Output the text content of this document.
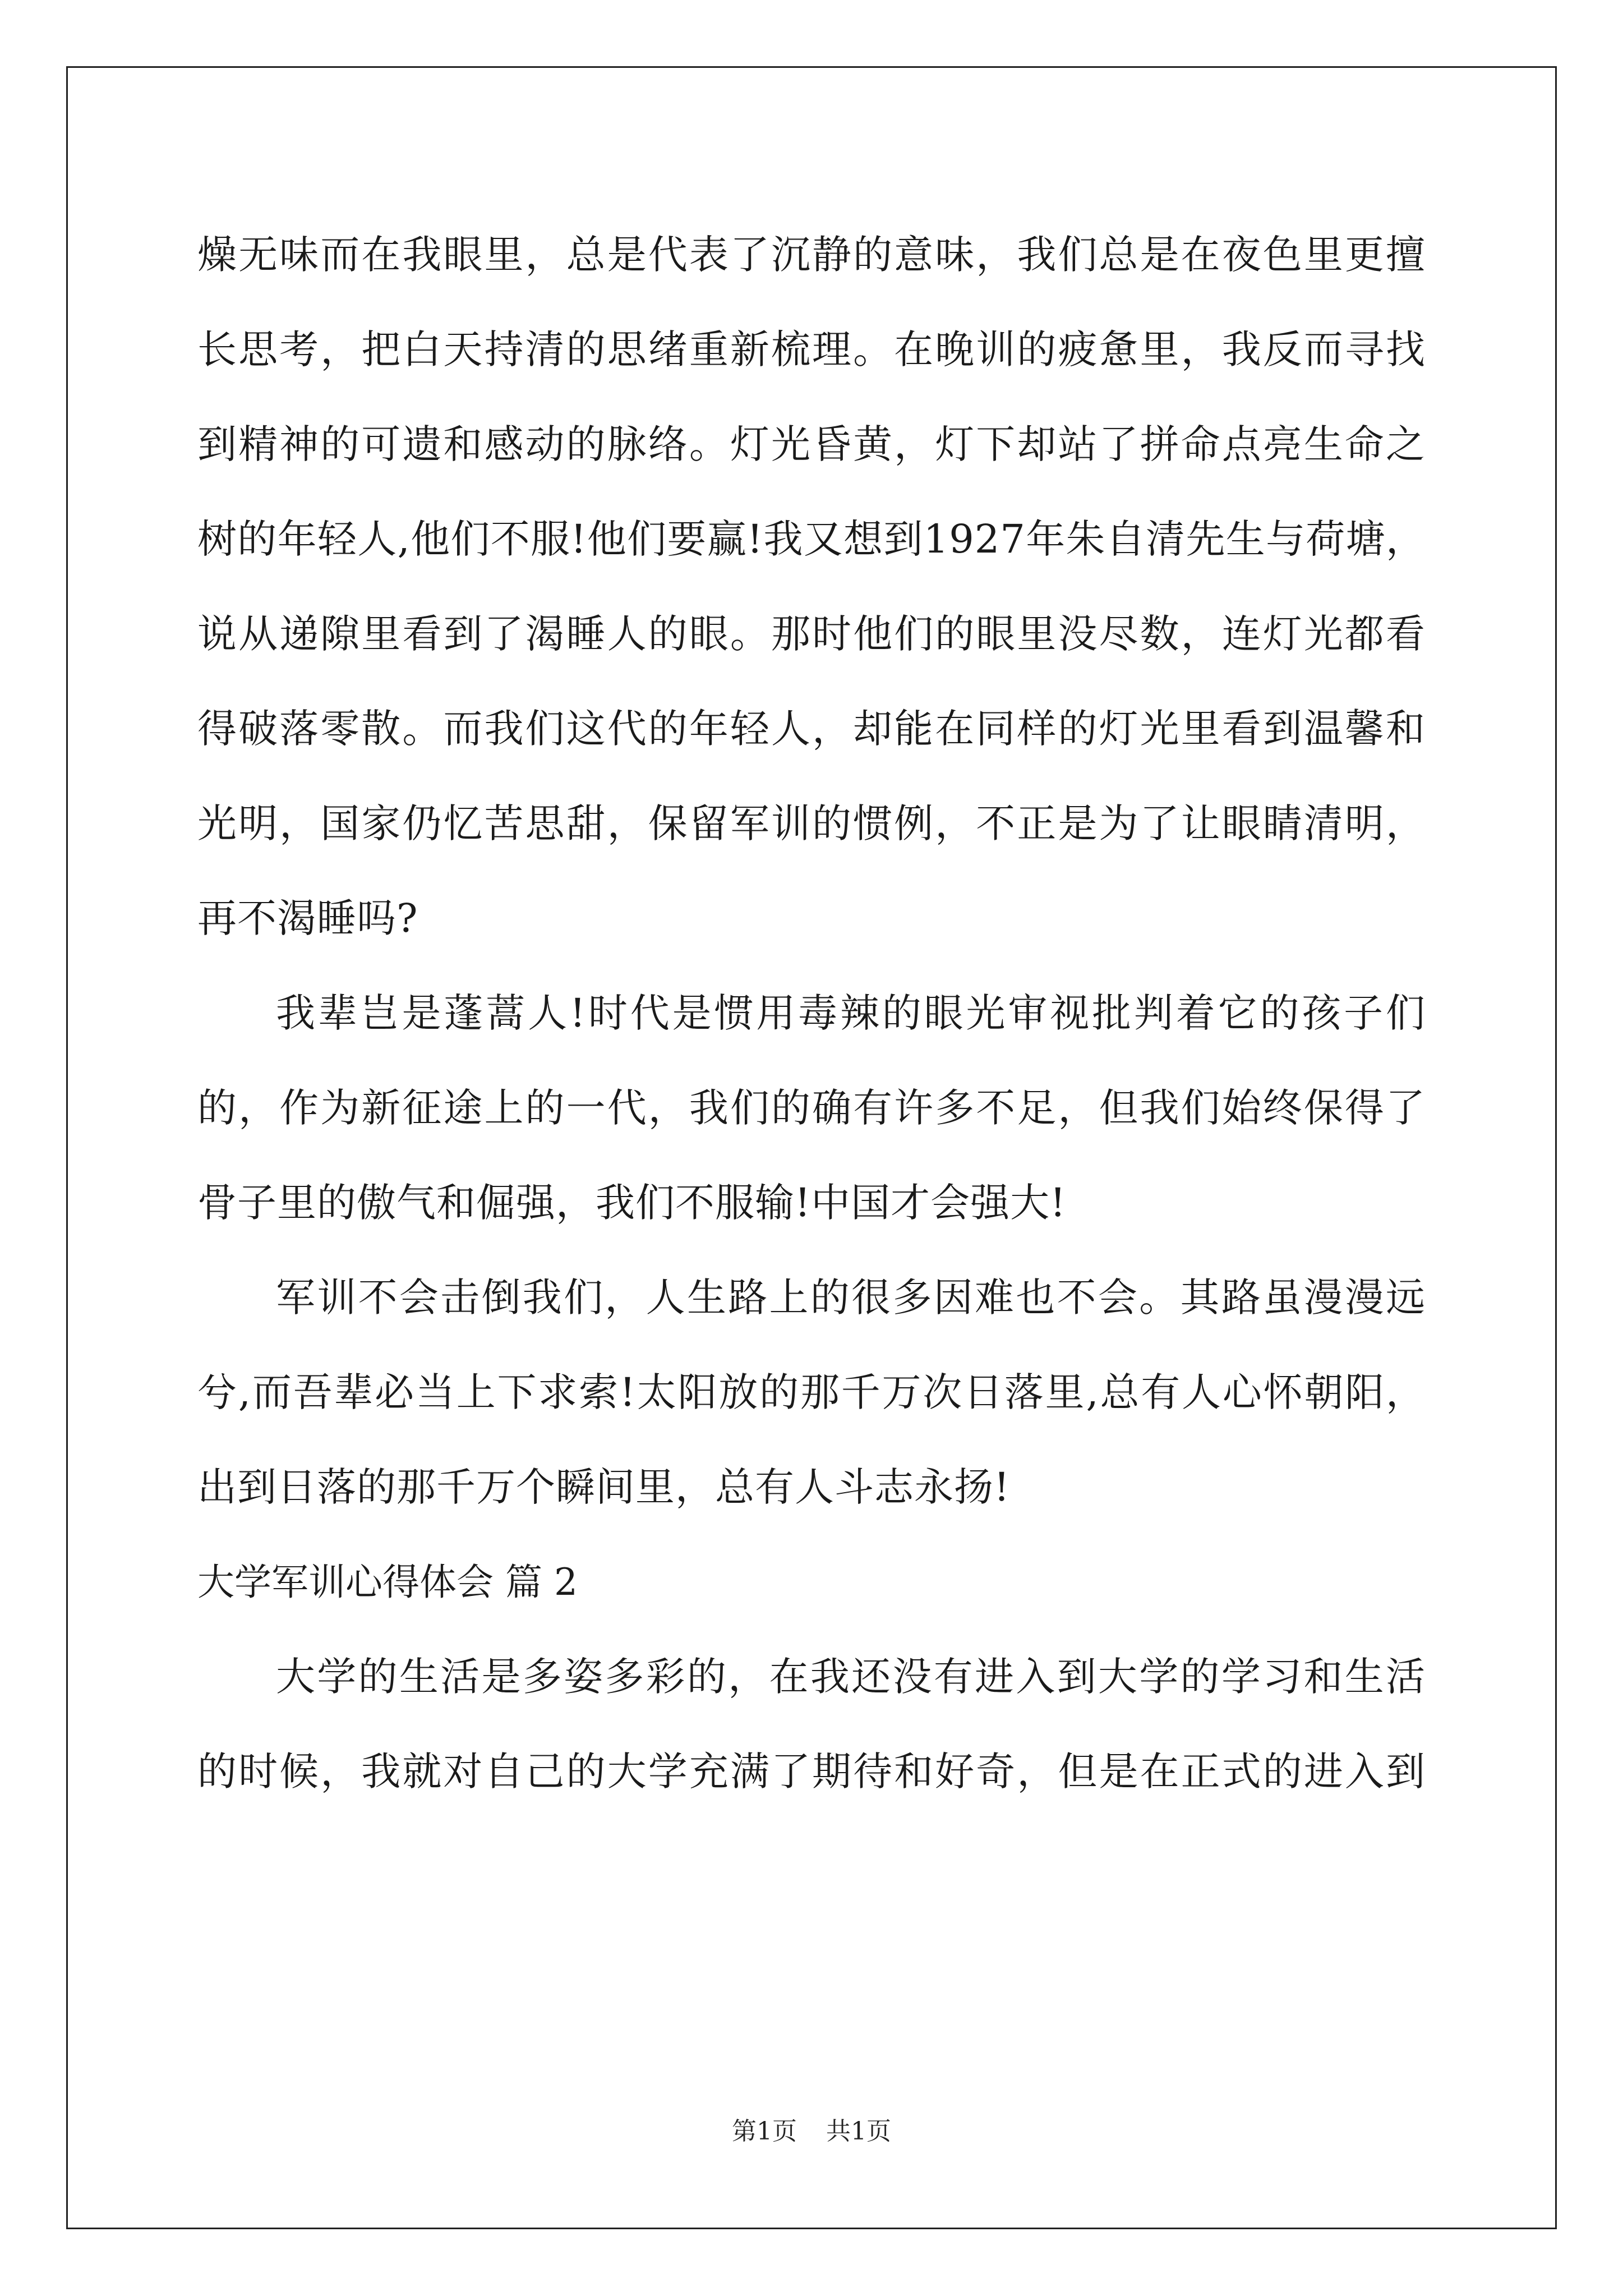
燥无味而在我眼里，总是代表了沉静的意味，我们总是在夜色里更擅
长思考，把白天持清的思绪重新梳理。在晚训的疲惫里，我反而寻找
到精神的可遗和感动的脉络。灯光昏黄，灯下却站了拼命点亮生命之
树的年轻人,他们不服!他们要赢!我又想到1927年朱自清先生与荷塘，
说从递隙里看到了渴睡人的眼。那时他们的眼里没尽数，连灯光都看
得破落零散。而我们这代的年轻人，却能在同样的灯光里看到温馨和
光明，国家仍忆苦思甜，保留军训的惯例，不正是为了让眼睛清明，
再不渴睡吗?
我辈岂是蓬蒿人!时代是惯用毒辣的眼光审视批判着它的孩子们
的，作为新征途上的一代，我们的确有许多不足，但我们始终保得了
骨子里的傲气和倔强，我们不服输!中国才会强大!
军训不会击倒我们，人生路上的很多因难也不会。其路虽漫漫远
兮,而吾辈必当上下求索!太阳放的那千万次日落里,总有人心怀朝阳，
出到日落的那千万个瞬间里，总有人斗志永扬!
大学军训心得体会 篇 2
大学的生活是多姿多彩的，在我还没有进入到大学的学习和生活
的时候，我就对自己的大学充满了期待和好奇，但是在正式的进入到
第1页 共1页
